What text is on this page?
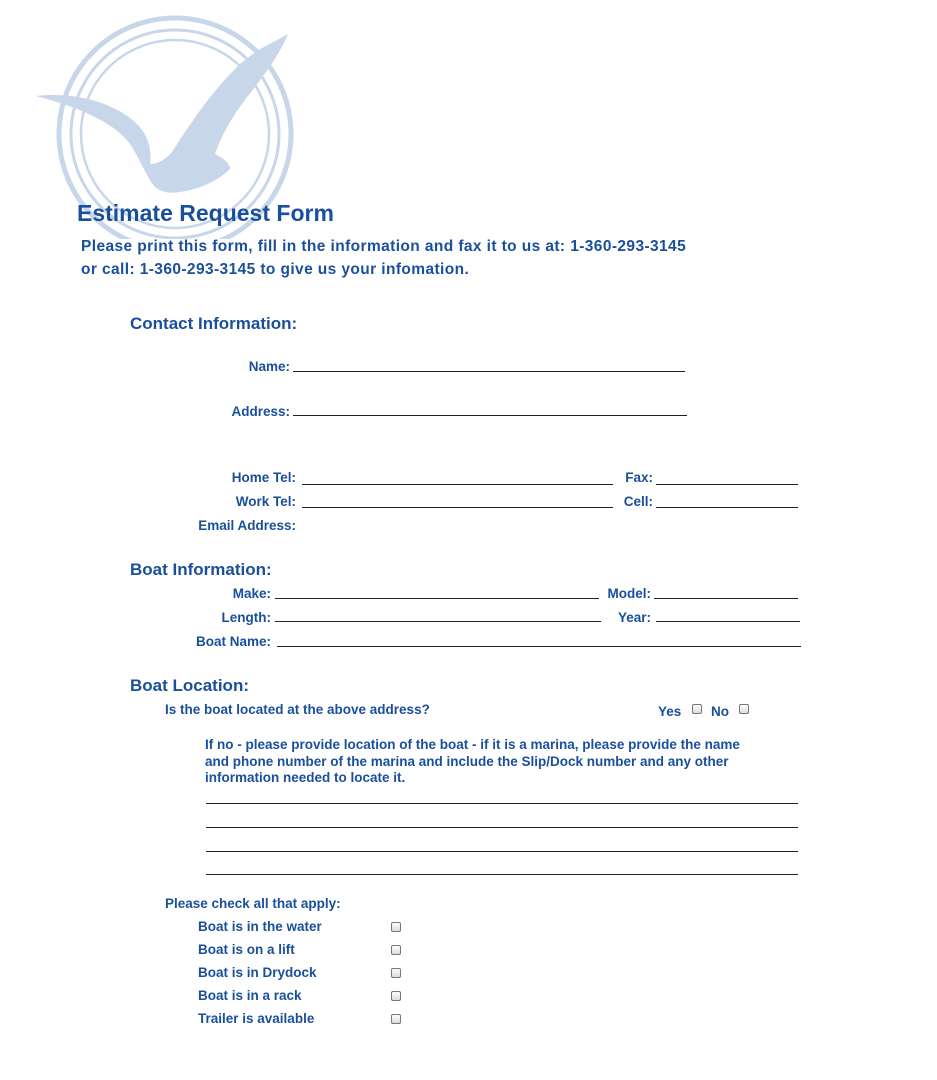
Estimate Request Form
Please print this form, fill in the information and fax it to us at: 1-360-293-3145
or call: 1-360-293-3145 to give us your infomation.
Contact Information:
Name:
Address:
Home Tel:	Fax:
Work Tel:	Cell:
Email Address:
Boat Information:
Make:	Model:
Length:	Year:
Boat Name:
Boat Location:
Is the boat located at the above address?	Yes No
If no - please provide location of the boat - if it is a marina, please provide the name and phone number of the marina and include the Slip/Dock number and any other information needed to locate it.
Please check all that apply:
Boat is in the water
Boat is on a lift
Boat is in Drydock
Boat is in a rack
Trailer is available
